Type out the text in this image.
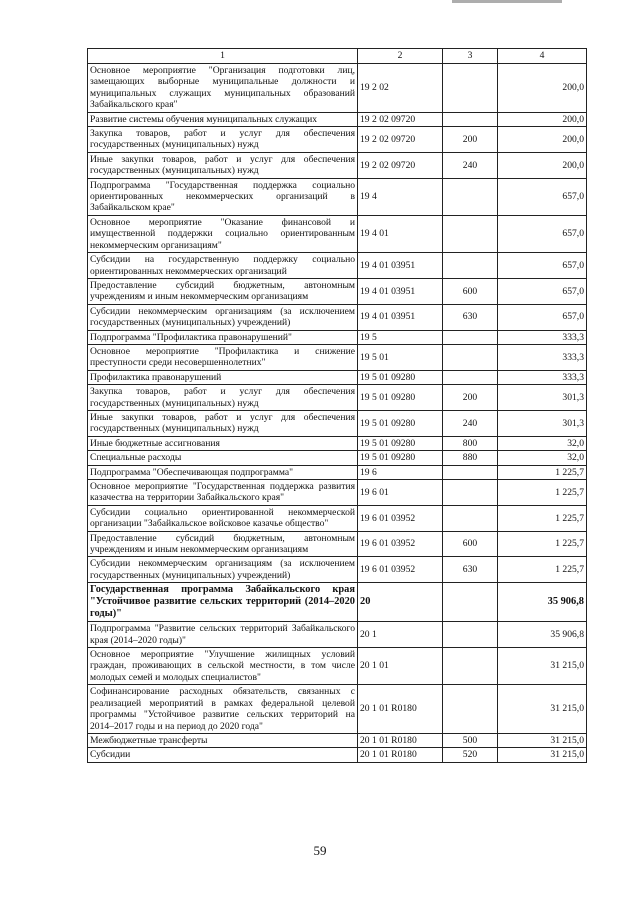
1	2	3	4
Основное мероприятие "Организация подготовки лиц, замещающих выборные муниципальные должности и муниципальных служащих муниципальных образований Забайкальского края"	19 2 02		200,0
Развитие системы обучения муниципальных служащих	19 2 02 09720		200,0
Закупка товаров, работ и услуг для обеспечения государственных (муниципальных) нужд	19 2 02 09720	200	200,0
Иные закупки товаров, работ и услуг для обеспечения государственных (муниципальных) нужд	19 2 02 09720	240	200,0
Подпрограмма "Государственная поддержка социально ориентированных некоммерческих организаций в Забайкальском крае"	19 4		657,0
Основное мероприятие "Оказание финансовой и имущественной поддержки социально ориентированным некоммерческим организациям"	19 4 01		657,0
Субсидии на государственную поддержку социально ориентированных некоммерческих организаций	19 4 01 03951		657,0
Предоставление субсидий бюджетным, автономным учреждениям и иным некоммерческим организациям	19 4 01 03951	600	657,0
Субсидии некоммерческим организациям (за исключением государственных (муниципальных) учреждений)	19 4 01 03951	630	657,0
Подпрограмма "Профилактика правонарушений"	19 5		333,3
Основное мероприятие "Профилактика и снижение преступности среди несовершеннолетних"	19 5 01		333,3
Профилактика правонарушений	19 5 01 09280		333,3
Закупка товаров, работ и услуг для обеспечения государственных (муниципальных) нужд	19 5 01 09280	200	301,3
Иные закупки товаров, работ и услуг для обеспечения государственных (муниципальных) нужд	19 5 01 09280	240	301,3
Иные бюджетные ассигнования	19 5 01 09280	800	32,0
Специальные расходы	19 5 01 09280	880	32,0
Подпрограмма "Обеспечивающая подпрограмма"	19 6		1 225,7
Основное мероприятие "Государственная поддержка развития казачества на территории Забайкальского края"	19 6 01		1 225,7
Субсидии социально ориентированной некоммерческой организации "Забайкальское войсковое казачье общество"	19 6 01 03952		1 225,7
Предоставление субсидий бюджетным, автономным учреждениям и иным некоммерческим организациям	19 6 01 03952	600	1 225,7
Субсидии некоммерческим организациям (за исключением государственных (муниципальных) учреждений)	19 6 01 03952	630	1 225,7
Государственная программа Забайкальского края "Устойчивое развитие сельских территорий (2014–2020 годы)"	20		35 906,8
Подпрограмма "Развитие сельских территорий Забайкальского края (2014–2020 годы)"	20 1		35 906,8
Основное мероприятие "Улучшение жилищных условий граждан, проживающих в сельской местности, в том числе молодых семей и молодых специалистов"	20 1 01		31 215,0
Софинансирование расходных обязательств, связанных с реализацией мероприятий в рамках федеральной целевой программы "Устойчивое развитие сельских территорий на 2014–2017 годы и на период до 2020 года"	20 1 01 R0180		31 215,0
Межбюджетные трансферты	20 1 01 R0180	500	31 215,0
Субсидии	20 1 01 R0180	520	31 215,0
59
